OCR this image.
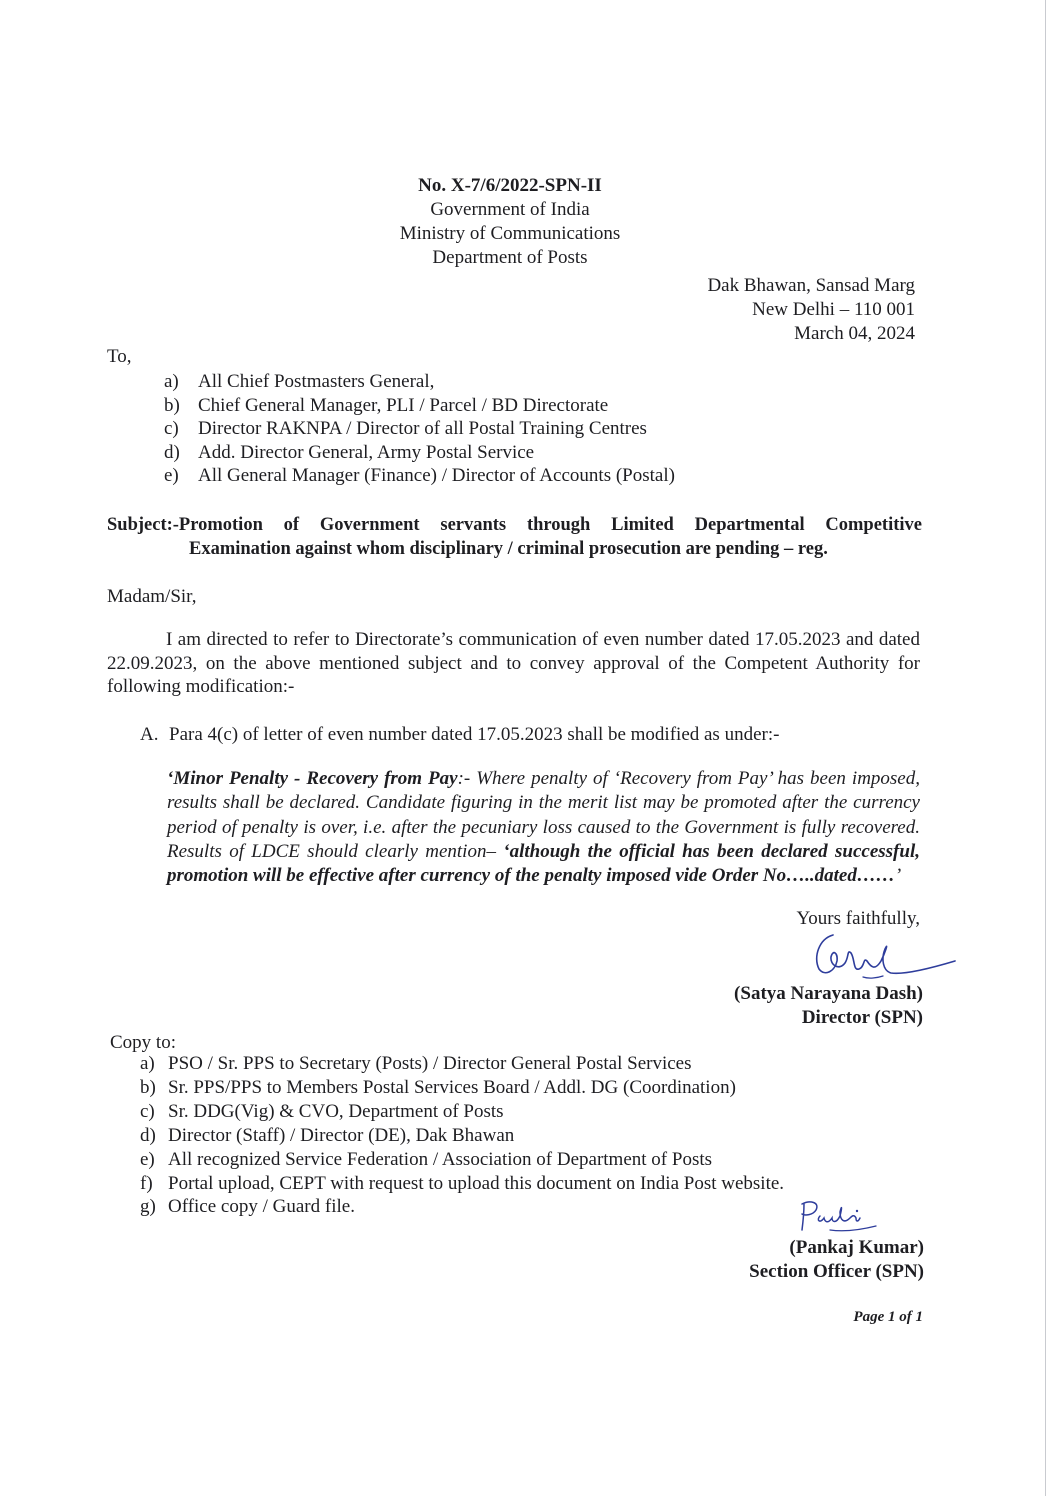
No. X-7/6/2022-SPN-II
Government of India
Ministry of Communications
Department of Posts
Dak Bhawan, Sansad Marg
New Delhi – 110 001
March 04, 2024
To,
a)	All Chief Postmasters General,
b) Chief General Manager, PLI / Parcel / BD Directorate
c)	Director RAKNPA / Director of all Postal Training Centres
d) Add. Director General, Army Postal Service
e)	All General Manager (Finance) / Director of Accounts (Postal)
Subject:-Promotion of Government servants through Limited Departmental Competitive
Examination against whom disciplinary / criminal prosecution are pending – reg.
Madam/Sir,
I am directed to refer to Directorate’s communication of even number dated 17.05.2023 and dated 22.09.2023, on the above mentioned subject and to convey approval of the Competent Authority for following modification:-
A. Para 4(c) of letter of even number dated 17.05.2023 shall be modified as under:-
‘Minor Penalty - Recovery from Pay:- Where penalty of ‘Recovery from Pay’ has been imposed, results shall be declared. Candidate figuring in the merit list may be promoted after the currency period of penalty is over, i.e. after the pecuniary loss caused to the Government is fully recovered. Results of LDCE should clearly mention– ‘although the official has been declared successful, promotion will be effective after currency of the penalty imposed vide Order No…..dated……’
Yours faithfully,
(Satya Narayana Dash)
Director (SPN)
Copy to:
a) PSO / Sr. PPS to Secretary (Posts) / Director General Postal Services
b) Sr. PPS/PPS to Members Postal Services Board / Addl. DG (Coordination)
c) Sr. DDG(Vig) & CVO, Department of Posts
d) Director (Staff) / Director (DE), Dak Bhawan
e) All recognized Service Federation / Association of Department of Posts
f) Portal upload, CEPT with request to upload this document on India Post website.
g) Office copy / Guard file.
(Pankaj Kumar)
Section Officer (SPN)
Page 1 of 1
